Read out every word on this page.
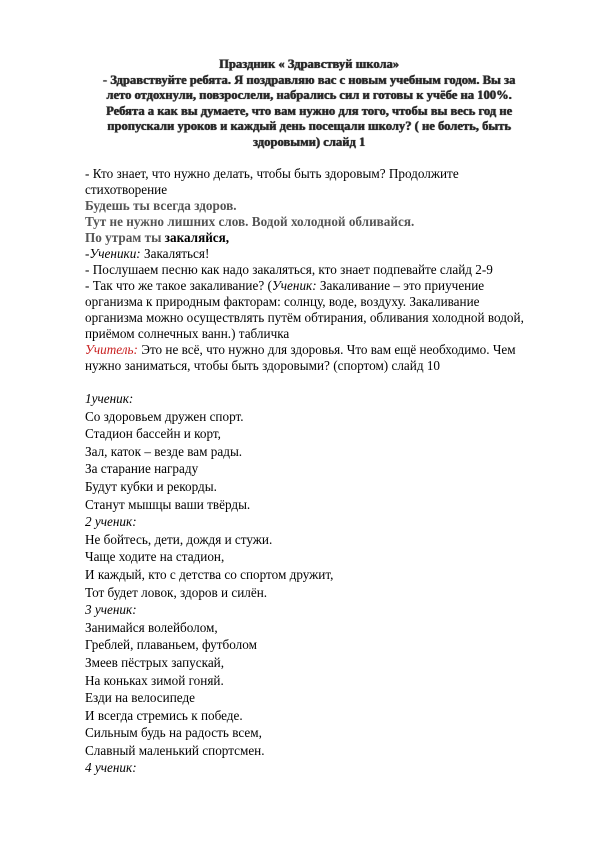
Праздник « Здравствуй школа»

- Здравствуйте ребята. Я поздравляю вас с новым учебным годом. Вы за

лето отдохнули, повзрослели, набрались сил и готовы к учёбе на 100%.

Ребята а как вы думаете, что вам нужно для того, чтобы вы весь год не

пропускали уроков и каждый день посещали школу? ( не болеть, быть

здоровыми) слайд 1

- Кто знает, что нужно делать, чтобы быть здоровым? Продолжите

стихотворение

Будешь ты всегда здоров.

Тут не нужно лишних слов. Водой холодной обливайся.

По утрам ты закаляйся,

-Ученики: Закаляться!

- Послушаем песню как надо закаляться, кто знает подпевайте слайд 2-9

- Так что же такое закаливание? (Ученик: Закаливание – это приучение

организма к природным факторам: солнцу, воде, воздуху. Закаливание

организма можно осуществлять путём обтирания, обливания холодной водой,

приёмом солнечных ванн.) табличка

Учитель: Это не всё, что нужно для здоровья. Что вам ещё необходимо. Чем

нужно заниматься, чтобы быть здоровыми? (спортом) слайд 10

1ученик:

Со здоровьем дружен спорт.

Стадион бассейн и корт,

Зал, каток – везде вам рады.

За старание награду

Будут кубки и рекорды.

Станут мышцы ваши твёрды.

2 ученик:

Не бойтесь, дети, дождя и стужи.

Чаще ходите на стадион,

И каждый, кто с детства со спортом дружит,

Тот будет ловок, здоров и силён.

3 ученик:

Занимайся волейболом,

Греблей, плаваньем, футболом

Змеев пёстрых запускай,

На коньках зимой гоняй.

Езди на велосипеде

И всегда стремись к победе.

Сильным будь на радость всем,

Славный маленький спортсмен.

4 ученик:
